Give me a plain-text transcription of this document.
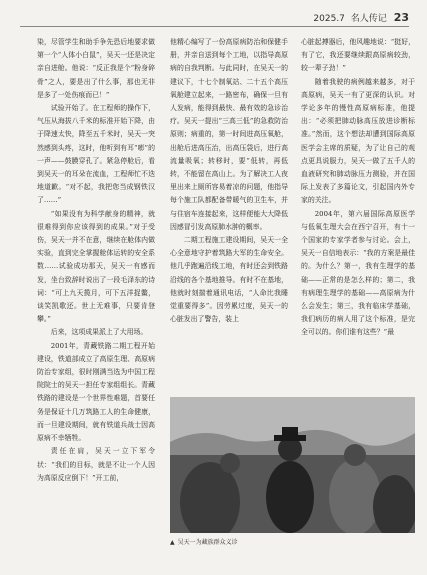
2025.7 名人传记 23

染，尽管学生和助手争先恐后地要求做第一个“人体小白鼠”，吴天一还是决定亲自进舱。他说：“反正我是个“粉身碎骨”之人，要是出了什么事，那也无非是多了一处伤痕而已！”

试验开始了。在工程师的操作下，气压从海拔八千米的标准开始下降，由于降速太快，降至五千米时，吴天一突然感到头疼，这时，他听到有耳“嘭”的一声——鼓膜穿孔了。紧急停舱后，看到吴天一的耳朵在流血，工程师忙不迭地道歉。“对不起，我把您当成钢铁汉了……”

“如果没有为科学献身的精神，就很难得到你应该得到的成果。”对于受伤，吴天一并不在意，继续在舱体内做实验，直到完全掌握舱体运转的安全系数……试验成功那天，吴天一有感而发，坐台致辞时说出了一段毛泽东的诗词：“可上九天揽月，可下五洋捉鳖，谈笑凯歌还。世上无难事，只要肯登攀。”

后来，这项成果派上了大用场。

2001年，青藏铁路二期工程开始建设，铁道部成立了高原生理、高原病防治专家组，很时刚满当选为中国工程院院士的吴天一担任专家组组长。青藏铁路的建设是一个世界性难题，首要任务是保证十几万筑路工人的生命健康，而一旦建设期间，就有铁道兵战士因高原病不幸牺牲。

责任在肩，吴天一立下军令状：“我们的目标，就是不让一个人因为高原反应倒下！”开工前，

他精心编写了一份高原病防治和保健手册，并亲自送到每个工地，以指导高原病的自我判断。与此同时，在吴天一的建议下，十七个制氧站、二十五个高压氧舱建立起来，一路密布，确保一旦有人发病，能得到最快、最有效的急诊治疗。吴天一提出“三高三低”的急救防治原则；病重的，第一时间进高压氧舱，出舱后进高压治，出高压袋后，进行高流量吸氧；转移时，要“低转，再低转，不能留在高山上。为了解决工人夜里出来上厕所容易着凉的问题，他指导每个施工队都配备带暖气的卫生车，并与住宿车连接起来，这样便能大大降低因感冒引发高原肺水肿的概率。

二期工程施工建设期间，吴天一全心全意地守护着筑路大军的生命安全。他几乎跑遍沿线工地，有时还会到铁路沿线的各个基地推导。有时不在基地，他就时刻揣着通讯电话，“人命比我睡觉重要得多”。因劳累过度，吴天一的心脏发出了警告，装上

心脏起搏器后，他风趣地说：“挺好，有了它，我还要继续跟高原病较劲，较一辈子劲！”

随着我驶的病例越来越多，对于高原病，吴天一有了更深的认识。对学论多年的慢性高原病标准，他提出：“必须把肺动脉高压放进诊断标准。”然而，这个想法却遭到国际高原医学会主席的质疑，为了让自己的观点更具说服力，吴天一做了五千人的血液研究和肺动脉压力测验，并在国际上发表了多篇论文，引起国内外专家的关注。

2004年，第六届国际高原医学与低氧生理大会在西宁召开，有十一个国家的专家学者参与讨论。会上，吴天一自信地表示：“我的方案是最佳的。为什么？第一，我有生理学的基础——正常的是怎么样的；第二，我有病理生理学的基础——高原病为什么会发生；第三，我有临床学基础，我们病历的病人用了这个标准，是完全可以的。你们谁有这些？”最

▲ 吴天一为藏族群众义诊
